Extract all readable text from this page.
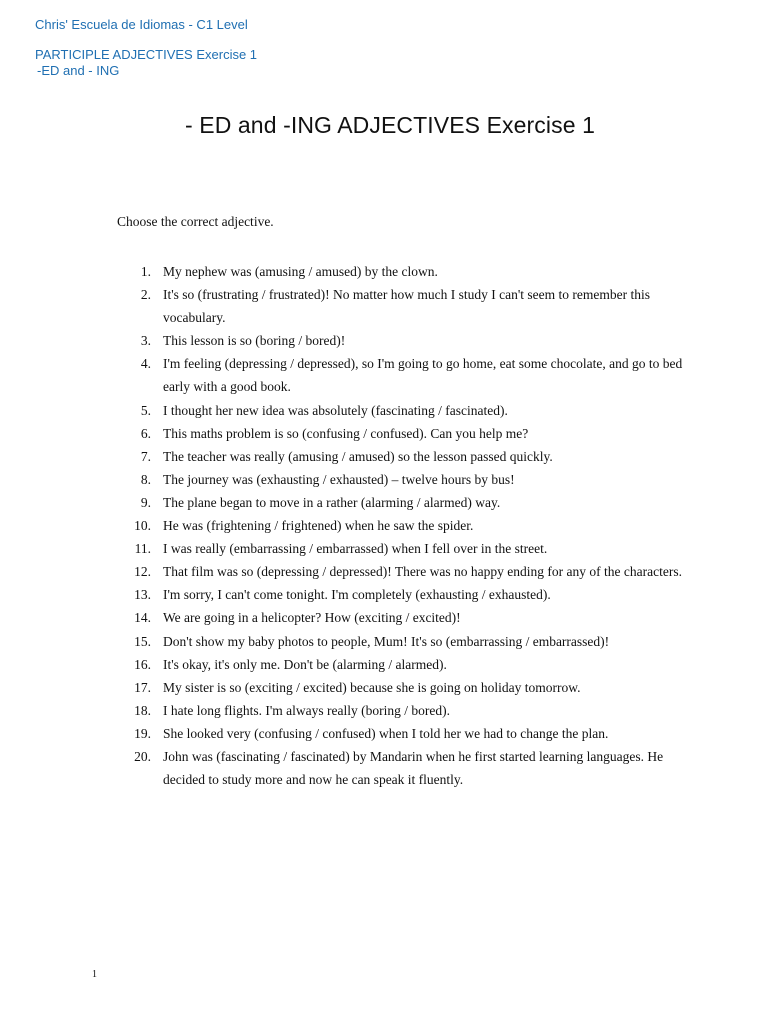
Chris' Escuela de Idiomas - C1 Level
PARTICIPLE ADJECTIVES Exercise 1
-ED and - ING
- ED and -ING ADJECTIVES Exercise 1
Choose the correct adjective.
1. My nephew was (amusing / amused) by the clown.
2. It's so (frustrating / frustrated)! No matter how much I study I can't seem to remember this vocabulary.
3. This lesson is so (boring / bored)!
4. I'm feeling (depressing / depressed), so I'm going to go home, eat some chocolate, and go to bed early with a good book.
5. I thought her new idea was absolutely (fascinating / fascinated).
6. This maths problem is so (confusing / confused). Can you help me?
7. The teacher was really (amusing / amused) so the lesson passed quickly.
8. The journey was (exhausting / exhausted) – twelve hours by bus!
9. The plane began to move in a rather (alarming / alarmed) way.
10. He was (frightening / frightened) when he saw the spider.
11. I was really (embarrassing / embarrassed) when I fell over in the street.
12. That film was so (depressing / depressed)! There was no happy ending for any of the characters.
13. I'm sorry, I can't come tonight. I'm completely (exhausting / exhausted).
14. We are going in a helicopter? How (exciting / excited)!
15. Don't show my baby photos to people, Mum! It's so (embarrassing / embarrassed)!
16. It's okay, it's only me. Don't be (alarming / alarmed).
17. My sister is so (exciting / excited) because she is going on holiday tomorrow.
18. I hate long flights. I'm always really (boring / bored).
19. She looked very (confusing / confused) when I told her we had to change the plan.
20. John was (fascinating / fascinated) by Mandarin when he first started learning languages. He decided to study more and now he can speak it fluently.
1
